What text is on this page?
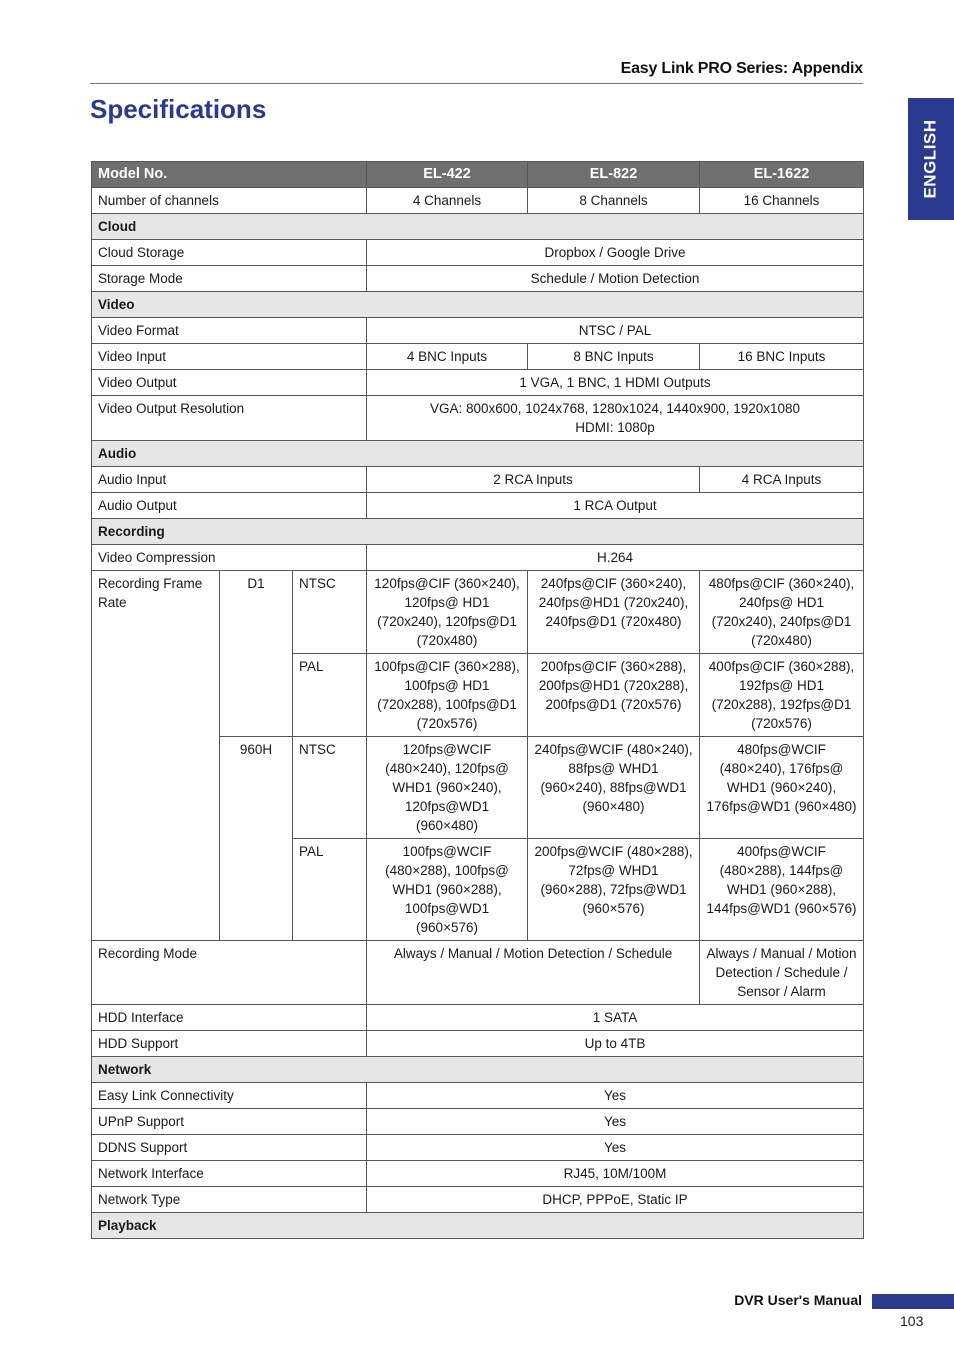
Easy Link PRO Series: Appendix
Specifications
ENGLISH
Model No.			EL-422	EL-822	EL-1622
Number of channels			4 Channels	8 Channels	16 Channels
Cloud					
Cloud Storage			Dropbox / Google Drive		
Storage Mode			Schedule / Motion Detection		
Video					
Video Format			NTSC / PAL		
Video Input			4 BNC Inputs	8 BNC Inputs	16 BNC Inputs
Video Output			1 VGA, 1 BNC, 1 HDMI Outputs		
Video Output Resolution			VGA: 800x600, 1024x768, 1280x1024, 1440x900, 1920x1080
HDMI: 1080p		

Audio					
Audio Input			2 RCA Inputs		4 RCA Inputs
Audio Output			1 RCA Output		
Recording					
Video Compression			H.264		
Recording Frame Rate	D1	NTSC	120fps@CIF (360×240), 120fps@ HD1 (720x240), 120fps@D1 (720x480)	240fps@CIF (360×240), 240fps@HD1 (720x240), 240fps@D1 (720x480)	480fps@CIF (360×240), 240fps@ HD1 (720x240), 240fps@D1 (720x480)
		PAL	100fps@CIF (360×288), 100fps@ HD1 (720x288), 100fps@D1 (720x576)	200fps@CIF (360×288), 200fps@HD1 (720x288), 200fps@D1 (720x576)	400fps@CIF (360×288), 192fps@ HD1 (720x288), 192fps@D1 (720x576)
	960H	NTSC	120fps@WCIF (480×240), 120fps@ WHD1 (960×240), 120fps@WD1 (960×480)	240fps@WCIF (480×240), 88fps@ WHD1 (960×240), 88fps@WD1 (960×480)	480fps@WCIF (480×240), 176fps@ WHD1 (960×240), 176fps@WD1 (960×480)
		PAL	100fps@WCIF (480×288), 100fps@ WHD1 (960×288), 100fps@WD1 (960×576)	200fps@WCIF (480×288), 72fps@ WHD1 (960×288), 72fps@WD1 (960×576)	400fps@WCIF (480×288), 144fps@ WHD1 (960×288), 144fps@WD1 (960×576)
Recording Mode			Always / Manual / Motion Detection / Schedule		Always / Manual / Motion Detection / Schedule / Sensor / Alarm
HDD Interface			1 SATA		
HDD Support			Up to 4TB		
Network					
Easy Link Connectivity			Yes		
UPnP Support			Yes		
DDNS Support			Yes		
Network Interface			RJ45, 10M/100M		
Network Type			DHCP, PPPoE, Static IP		
Playback					
DVR User's Manual
103
